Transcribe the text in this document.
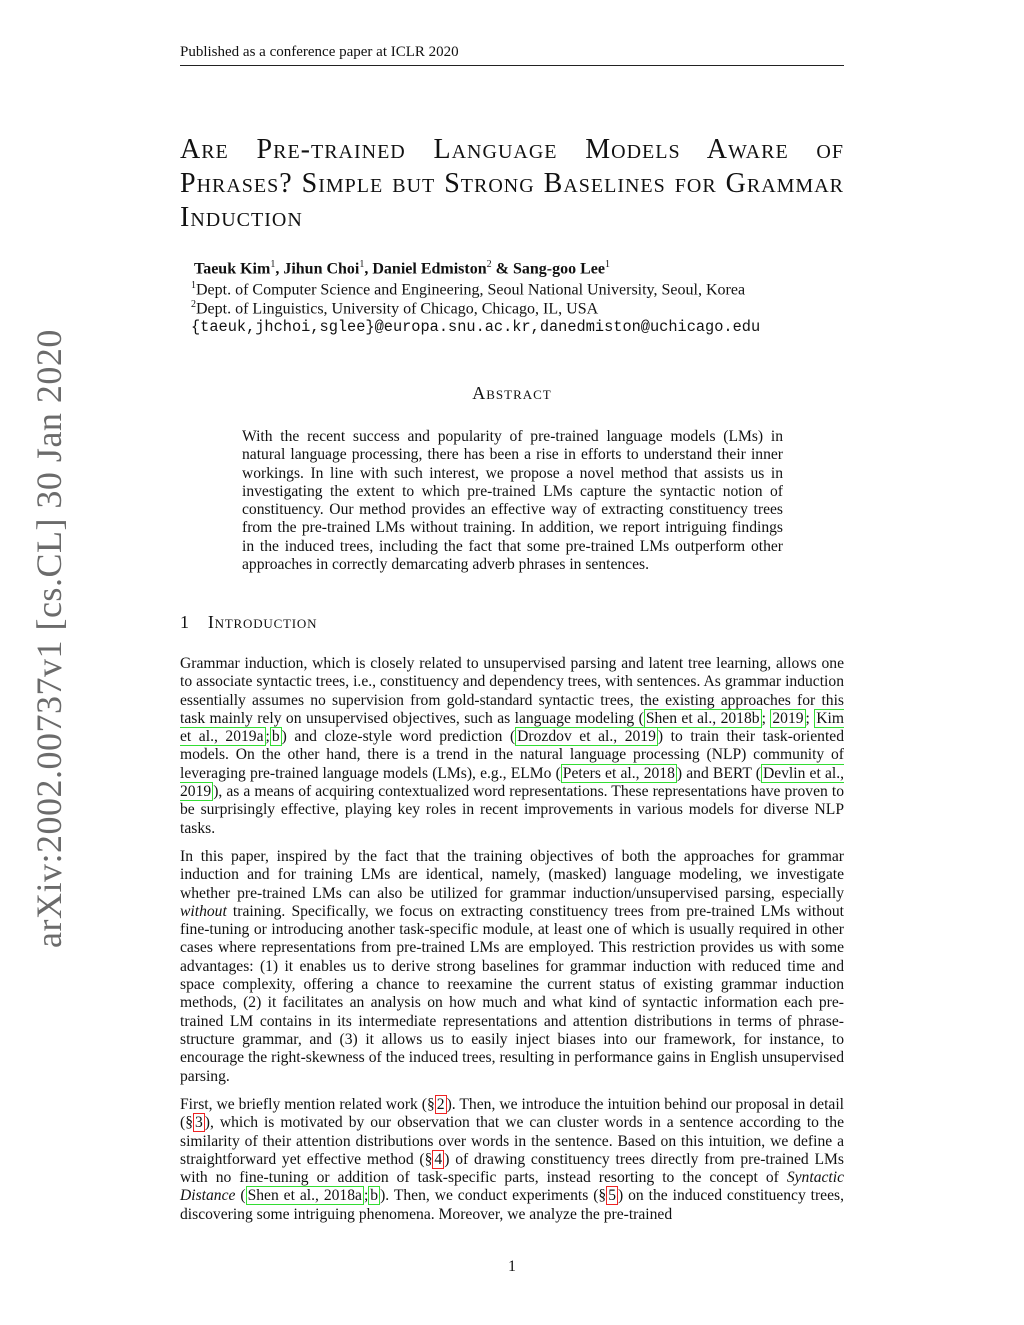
Published as a conference paper at ICLR 2020
arXiv:2002.00737v1 [cs.CL] 30 Jan 2020
Are Pre-trained Language Models Aware of Phrases? Simple but Strong Baselines for Grammar Induction
Taeuk Kim$^1$, Jihun Choi$^1$, Daniel Edmiston$^2$ & Sang-goo Lee$^1$
$^1$Dept. of Computer Science and Engineering, Seoul National University, Seoul, Korea
$^2$Dept. of Linguistics, University of Chicago, Chicago, IL, USA
{taeuk,jhchoi,sglee}@europa.snu.ac.kr,danedmiston@uchicago.edu
Abstract
With the recent success and popularity of pre-trained language models (LMs) in natural language processing, there has been a rise in efforts to understand their inner workings. In line with such interest, we propose a novel method that assists us in investigating the extent to which pre-trained LMs capture the syntactic notion of constituency. Our method provides an effective way of extracting constituency trees from the pre-trained LMs without training. In addition, we report intriguing findings in the induced trees, including the fact that some pre-trained LMs outperform other approaches in correctly demarcating adverb phrases in sentences.
1 Introduction
Grammar induction, which is closely related to unsupervised parsing and latent tree learning, allows one to associate syntactic trees, i.e., constituency and dependency trees, with sentences. As grammar induction essentially assumes no supervision from gold-standard syntactic trees, the existing approaches for this task mainly rely on unsupervised objectives, such as language modeling ( Shen et al., 2018b ; 2019 ; Kim et al., 2019a ; b ) and cloze-style word prediction ( Drozdov et al., 2019 ) to train their task-oriented models. On the other hand, there is a trend in the natural language processing (NLP) community of leveraging pre-trained language models (LMs), e.g., ELMo ( Peters et al., 2018 ) and BERT ( Devlin et al., 2019 ), as a means of acquiring contextualized word representations. These representations have proven to be surprisingly effective, playing key roles in recent improvements in various models for diverse NLP tasks.
In this paper, inspired by the fact that the training objectives of both the approaches for grammar induction and for training LMs are identical, namely, (masked) language modeling, we investigate whether pre-trained LMs can also be utilized for grammar induction/unsupervised parsing, especially without training. Specifically, we focus on extracting constituency trees from pre-trained LMs without fine-tuning or introducing another task-specific module, at least one of which is usually required in other cases where representations from pre-trained LMs are employed. This restriction provides us with some advantages: (1) it enables us to derive strong baselines for grammar induction with reduced time and space complexity, offering a chance to reexamine the current status of existing grammar induction methods, (2) it facilitates an analysis on how much and what kind of syntactic information each pre-trained LM contains in its intermediate representations and attention distributions in terms of phrase-structure grammar, and (3) it allows us to easily inject biases into our framework, for instance, to encourage the right-skewness of the induced trees, resulting in performance gains in English unsupervised parsing.
First, we briefly mention related work (§ 2 ). Then, we introduce the intuition behind our proposal in detail (§ 3 ), which is motivated by our observation that we can cluster words in a sentence according to the similarity of their attention distributions over words in the sentence. Based on this intuition, we define a straightforward yet effective method (§ 4 ) of drawing constituency trees directly from pre-trained LMs with no fine-tuning or addition of task-specific parts, instead resorting to the concept of Syntactic Distance ( Shen et al., 2018a ; b ). Then, we conduct experiments (§ 5 ) on the induced constituency trees, discovering some intriguing phenomena. Moreover, we analyze the pre-trained
1
